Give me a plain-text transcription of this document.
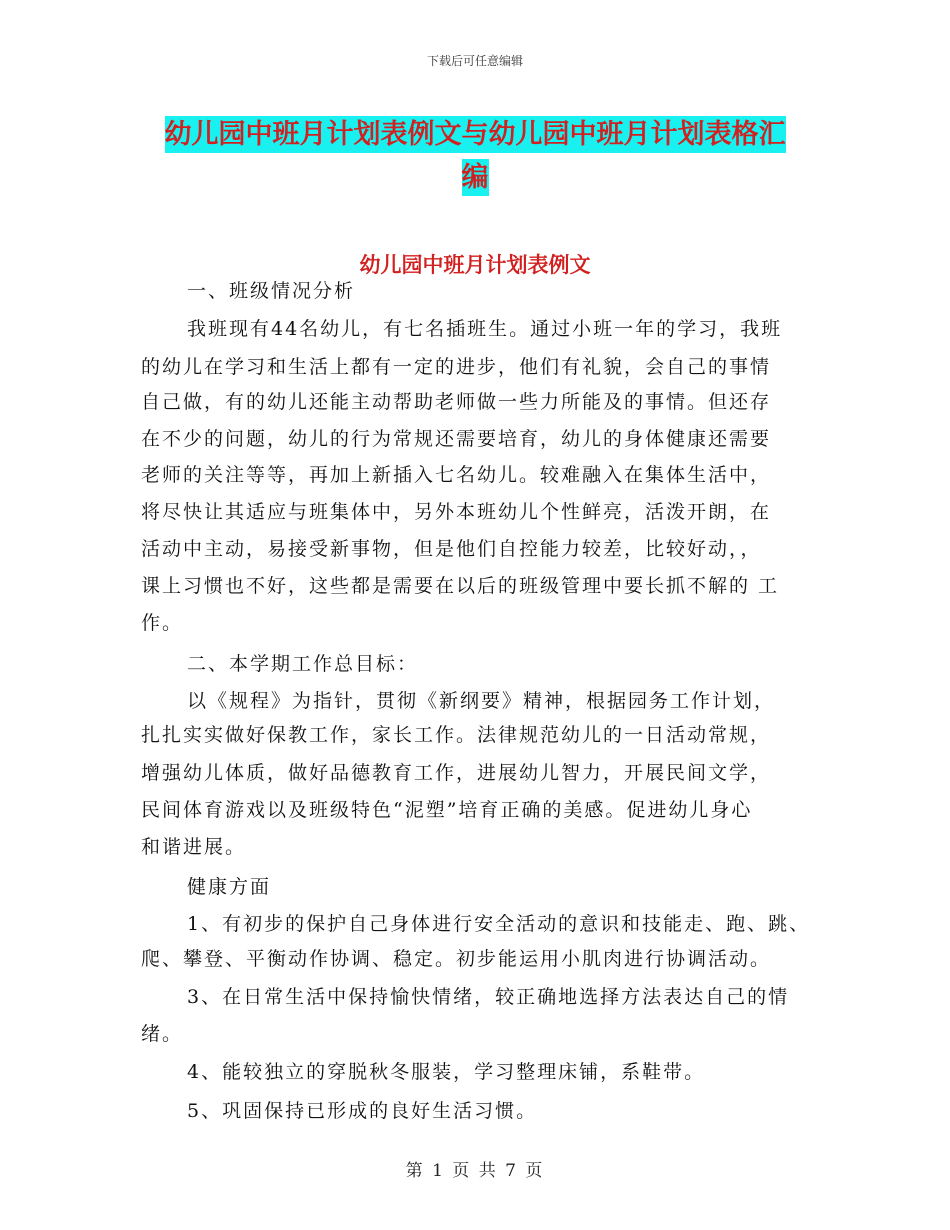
下载后可任意编辑
幼儿园中班月计划表例文与幼儿园中班月计划表格汇
编
幼儿园中班月计划表例文
一、班级情况分析
我班现有44名幼儿，有七名插班生。通过小班一年的学习，我班
的幼儿在学习和生活上都有一定的进步，他们有礼貌，会自己的事情
自己做，有的幼儿还能主动帮助老师做一些力所能及的事情。但还存
在不少的问题，幼儿的行为常规还需要培育，幼儿的身体健康还需要
老师的关注等等，再加上新插入七名幼儿。较难融入在集体生活中，
将尽快让其适应与班集体中，另外本班幼儿个性鲜亮，活泼开朗，在
活动中主动，易接受新事物，但是他们自控能力较差，比较好动，，
课上习惯也不好，这些都是需要在以后的班级管理中要长抓不解的 工
作。
二、本学期工作总目标：
以《规程》为指针，贯彻《新纲要》精神，根据园务工作计划，
扎扎实实做好保教工作，家长工作。法律规范幼儿的一日活动常规，
增强幼儿体质，做好品德教育工作，进展幼儿智力，开展民间文学，
民间体育游戏以及班级特色“泥塑”培育正确的美感。促进幼儿身心
和谐进展。
健康方面
1、有初步的保护自己身体进行安全活动的意识和技能走、跑、跳、
爬、攀登、平衡动作协调、稳定。初步能运用小肌肉进行协调活动。
3、在日常生活中保持愉快情绪，较正确地选择方法表达自己的情
绪。
4、能较独立的穿脱秋冬服装，学习整理床铺，系鞋带。
5、巩固保持已形成的良好生活习惯。
第 1 页 共 7 页
